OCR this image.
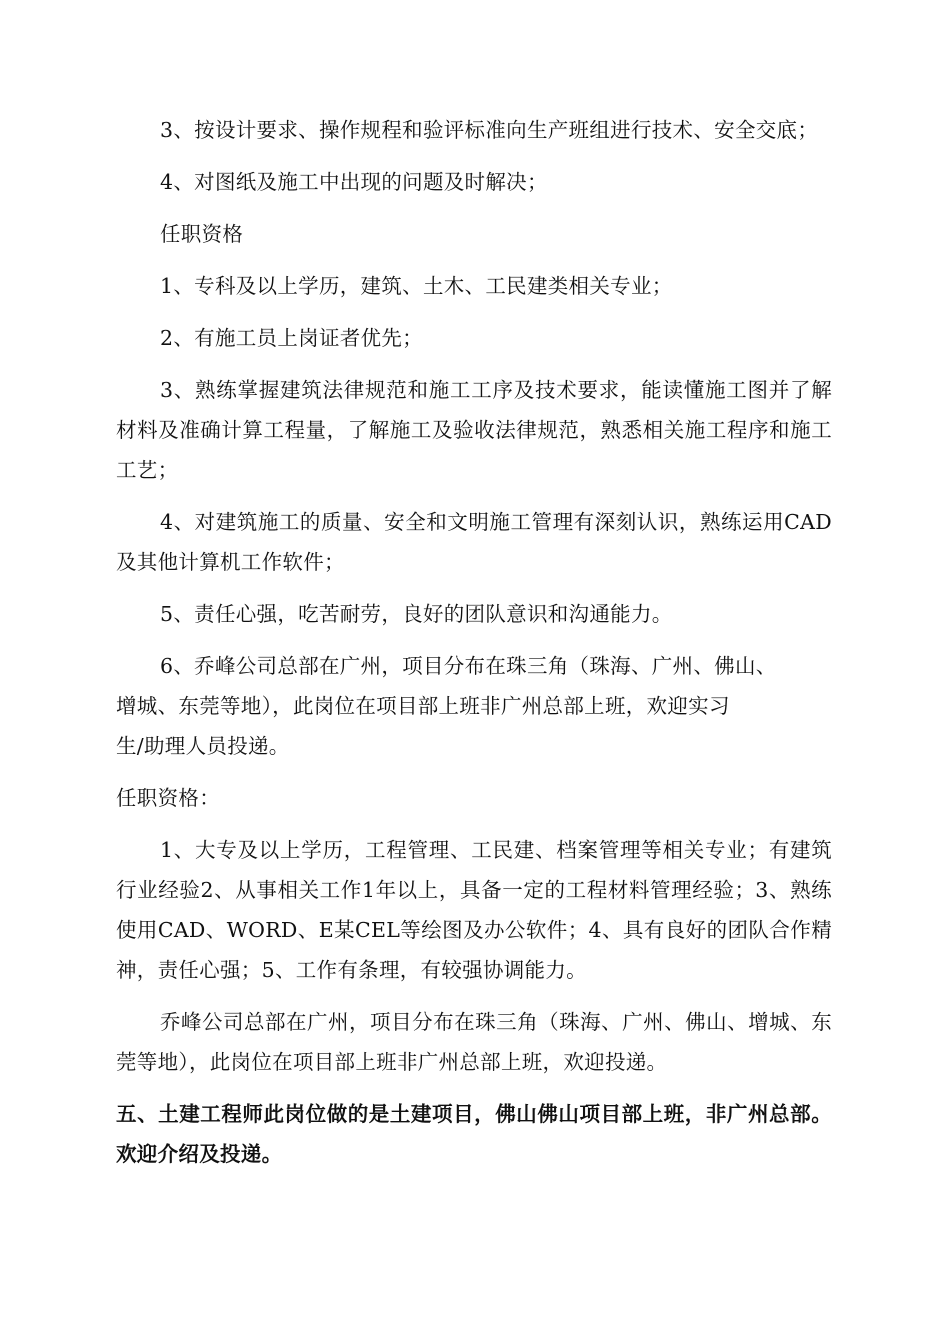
3、按设计要求、操作规程和验评标准向生产班组进行技术、安全交底；

4、对图纸及施工中出现的问题及时解决；

任职资格

1、专科及以上学历，建筑、土木、工民建类相关专业；

2、有施工员上岗证者优先；

3、熟练掌握建筑法律规范和施工工序及技术要求，能读懂施工图并了解材料及准确计算工程量，了解施工及验收法律规范，熟悉相关施工程序和施工工艺；

4、对建筑施工的质量、安全和文明施工管理有深刻认识，熟练运用CAD及其他计算机工作软件；

5、责任心强，吃苦耐劳，良好的团队意识和沟通能力。

6、乔峰公司总部在广州，项目分布在珠三角（珠海、广州、佛山、
增城、东莞等地），此岗位在项目部上班非广州总部上班，欢迎实习
生/助理人员投递。

任职资格：

1、大专及以上学历，工程管理、工民建、档案管理等相关专业；有建筑行业经验2、从事相关工作1年以上，具备一定的工程材料管理经验；3、熟练使用CAD、WORD、E某CEL等绘图及办公软件；4、具有良好的团队合作精神，责任心强；5、工作有条理，有较强协调能力。

乔峰公司总部在广州，项目分布在珠三角（珠海、广州、佛山、增城、东莞等地），此岗位在项目部上班非广州总部上班，欢迎投递。

五、土建工程师此岗位做的是土建项目，佛山佛山项目部上班，非广州总部。欢迎介绍及投递。
